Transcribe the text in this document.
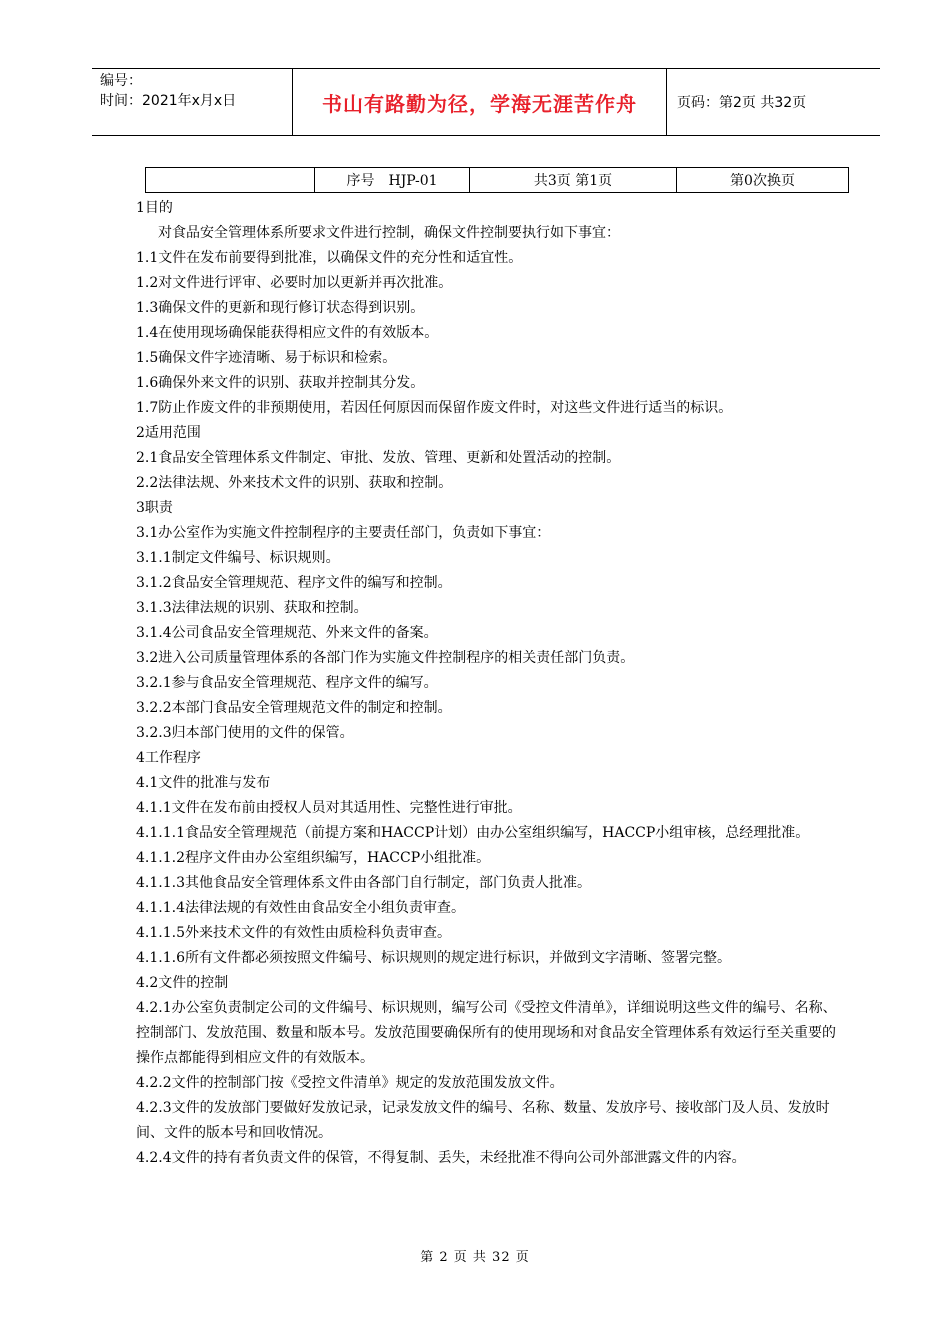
编号：
时间：2021年x月x日	书山有路勤为径，学海无涯苦作舟	页码：第2页 共32页
	序号　HJP-01	共3页 第1页	第0次换页

1目的

对食品安全管理体系所要求文件进行控制，确保文件控制要执行如下事宜：

1.1文件在发布前要得到批准，以确保文件的充分性和适宜性。

1.2对文件进行评审、必要时加以更新并再次批准。

1.3确保文件的更新和现行修订状态得到识别。

1.4在使用现场确保能获得相应文件的有效版本。

1.5确保文件字迹清晰、易于标识和检索。

1.6确保外来文件的识别、获取并控制其分发。

1.7防止作废文件的非预期使用，若因任何原因而保留作废文件时，对这些文件进行适当的标识。

2适用范围

2.1食品安全管理体系文件制定、审批、发放、管理、更新和处置活动的控制。

2.2法律法规、外来技术文件的识别、获取和控制。

3职责

3.1办公室作为实施文件控制程序的主要责任部门，负责如下事宜：

3.1.1制定文件编号、标识规则。

3.1.2食品安全管理规范、程序文件的编写和控制。

3.1.3法律法规的识别、获取和控制。

3.1.4公司食品安全管理规范、外来文件的备案。

3.2进入公司质量管理体系的各部门作为实施文件控制程序的相关责任部门负责。

3.2.1参与食品安全管理规范、程序文件的编写。

3.2.2本部门食品安全管理规范文件的制定和控制。

3.2.3归本部门使用的文件的保管。

4工作程序

4.1文件的批准与发布

4.1.1文件在发布前由授权人员对其适用性、完整性进行审批。

4.1.1.1食品安全管理规范（前提方案和HACCP计划）由办公室组织编写，HACCP小组审核，总经理批准。

4.1.1.2程序文件由办公室组织编写，HACCP小组批准。

4.1.1.3其他食品安全管理体系文件由各部门自行制定，部门负责人批准。

4.1.1.4法律法规的有效性由食品安全小组负责审查。

4.1.1.5外来技术文件的有效性由质检科负责审查。

4.1.1.6所有文件都必须按照文件编号、标识规则的规定进行标识，并做到文字清晰、签署完整。

4.2文件的控制

4.2.1办公室负责制定公司的文件编号、标识规则，编写公司《受控文件清单》，详细说明这些文件的编号、名称、控制部门、发放范围、数量和版本号。发放范围要确保所有的使用现场和对食品安全管理体系有效运行至关重要的操作点都能得到相应文件的有效版本。

4.2.2文件的控制部门按《受控文件清单》规定的发放范围发放文件。

4.2.3文件的发放部门要做好发放记录，记录发放文件的编号、名称、数量、发放序号、接收部门及人员、发放时间、文件的版本号和回收情况。

4.2.4文件的持有者负责文件的保管，不得复制、丢失，未经批准不得向公司外部泄露文件的内容。

第 2 页 共 32 页
